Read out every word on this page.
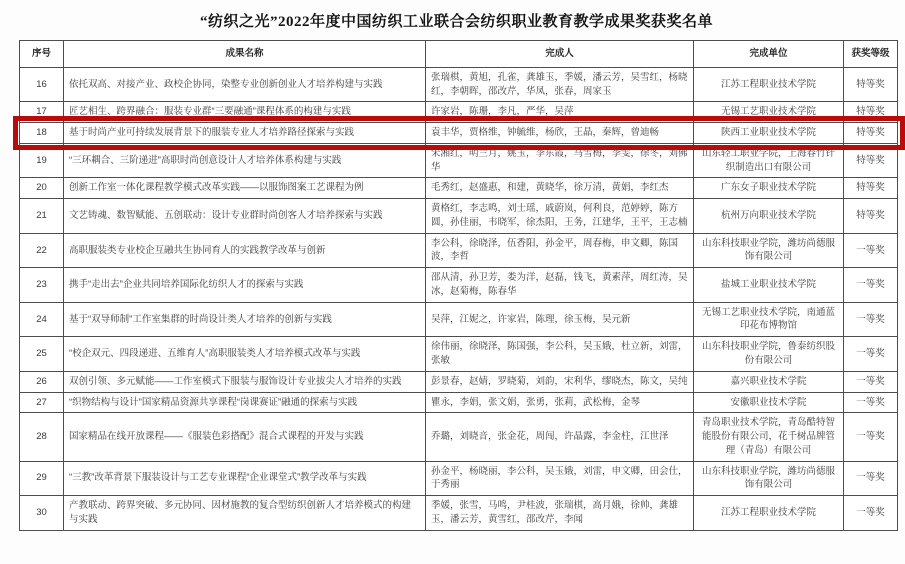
“纺织之光”2022年度中国纺织工业联合会纺织职业教育教学成果奖获奖名单
序号	成果名称	完成人	完成单位	获奖等级
16	依托双高、对接产业、政校企协同，染整专业创新创业人才培养构建与实践	张瑞棋，黄旭，孔雀，龚雄玉，季媛，潘云芳，吴雪红，杨晓红，李朝晖，邵改芹，华凤，张春，周家玉	江苏工程职业技术学院	特等奖
17	匠艺相生、跨界融合：服装专业群“三要融通”课程体系的构建与实践	许家岩，陈珊，李凡，严华，吴萍	无锡工艺职业技术学院	特等奖
18	基于时尚产业可持续发展背景下的服装专业人才培养路径探索与实践	袁丰华，贾格维，钟毓维，杨欣，王晶，秦辉，曾迪畅	陕西工业职业技术学院	特等奖
19	“三环耦合、三阶递进”高职时尚创意设计人才培养体系构建与实践	宋湘红，明兰月，姚玉，李东霞，马雪梅，李雯，徐冬，刘佛华	山东轻工职业学院，上海春竹针织制造出口有限公司	特等奖
20	创新工作室一体化课程教学模式改革实践——以服饰图案工艺课程为例	毛秀红，赵盛惠，和建，黄晓华，徐万清，黄娟，李红杰	广东女子职业技术学院	特等奖
21	文艺铸魂、数智赋能、五创联动：设计专业群时尚创客人才培养探索与实践	黄格红，李志鸣，刘士瑶，戚蔚岚，何利良，范婷婷，陈方圆，孙佳丽，韦晓军，徐杰阳，王务，江建华，王平，王志楠	杭州万向职业技术学院	特等奖
22	高职服装类专业校企互融共生协同育人的实践教学改革与创新	李公科，徐晓泽，伍香阳，孙金平，周春梅，申文卿，陈国波，李哲	山东科技职业学院，潍坊尚德服饰有限公司	一等奖
23	携手“走出去”企业共同培养国际化纺织人才的探索与实践	邵从清，孙卫芳，娄为洋，赵磊，钱飞，黄素萍，周红涛，吴冰，赵菊梅，陈春华	盐城工业职业技术学院	一等奖
24	基于“双导师制”工作室集群的时尚设计类人才培养的创新与实践	吴萍，江妮之，许家岩，陈理，徐玉梅，吴元新	无锡工艺职业技术学院，南通蓝印花布博物馆	一等奖
25	“校企双元、四段递进、五维育人”高职服装类人才培养模式改革与实践	徐伟丽，徐晓泽，陈国强，李公科，吴玉娥，杜立新，刘雷，张敏	山东科技职业学院，鲁泰纺织股份有限公司	一等奖
26	双创引领、多元赋能——工作室模式下服装与服饰设计专业拔尖人才培养的实践	彭景春，赵婧，罗晓菊，刘韵，宋利华，缪晓杰，陈文，吴纯	嘉兴职业技术学院	一等奖
27	“织物结构与设计”国家精品资源共享课程“岗课赛证”融通的探索与实践	瞿永，李娟，张文娟，张勇，张莉，武松梅，金琴	安徽职业技术学院	一等奖
28	国家精品在线开放课程——《服装色彩搭配》混合式课程的开发与实践	乔璐，刘晓音，张金花，周闯，许晶露，李金柱，江世泽	青岛职业技术学院，青岛酷特智能股份有限公司，花千树品牌管理（青岛）有限公司	一等奖
29	“三教”改革背景下服装设计与工艺专业课程“企业课堂式”教学改革与实践	孙金平，杨晓丽，李公科，吴玉娥，刘雷，申文卿，田会仕，于秀丽	山东科技职业学院，潍坊尚德服饰有限公司	一等奖
30	产教联动、跨界突破、多元协同、因材施教的复合型纺织创新人才培养模式的构建与实践	季媛，张雪，马鸣，尹桂波，张瑞棋，高月娥，徐帅，龚雄玉，潘云芳，黄雪红，邵改芹，李闻	江苏工程职业技术学院	一等奖
